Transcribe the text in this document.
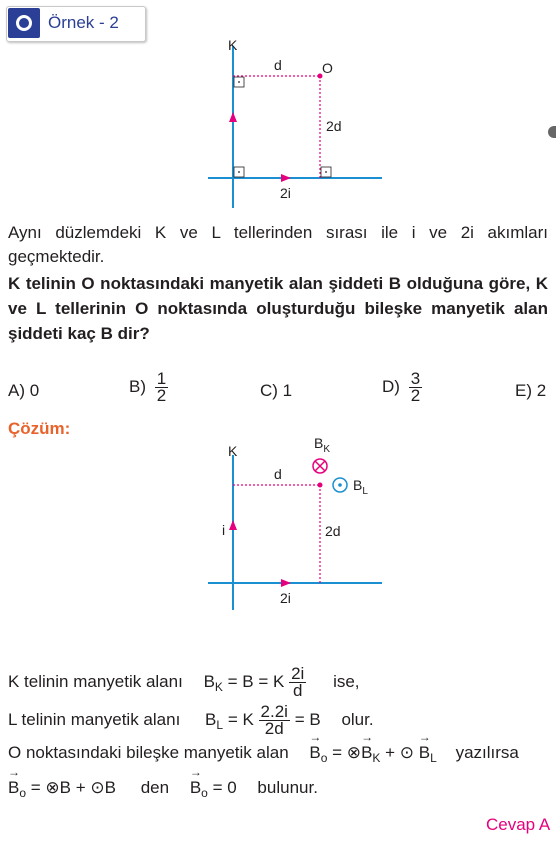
Örnek - 2
K
d	O
2d
2i
Aynı düzlemdeki K ve L tellerinden sırası ile i ve 2i akımları geçmektedir.
K telinin O noktasındaki manyetik alan şiddeti B olduğuna göre, K ve L tellerinin O noktasında oluşturduğu bileşke manyetik alan şiddeti kaç B dir?
A) 0	$B) \frac{1}{2}$	C) 1	$D) \frac{3}{2}$	E) 2
Çözüm:
K	$B_K$
$B_L$
d
i	2d
2i
K telinin manyetik alanı $B_K = B = K \frac{2i}{d}$ ise,
L telinin manyetik alanı $B_L = K \frac{2.2i}{2d} = B$ olur.
O noktasındaki bileşke manyetik alan → $B_o$ = ⊗→ $B_K$ + ⊙ → $B_L$ yazılırsa
→ $B_o$ = ⊗B + ⊙B den → $B_o = 0$ bulunur.
Cevap A
